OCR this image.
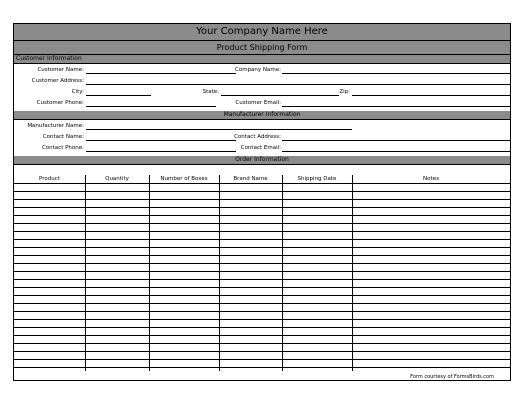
Your Company Name Here
Product Shipping Form
Customer Information
Customer Name:	Company Name:
Customer Address:
City:	State:	Zip:
Customer Phone:	Customer Email:
Manufacturer Information
Manufacturer Name:
Contact Name:	Contact Address:
Contact Phone:	Contact Email:
Order Information
Product	Quantity	Number of Boxes	Brand Name	Shipping Date	Notes
Form courtesy of FormsBirds.com
